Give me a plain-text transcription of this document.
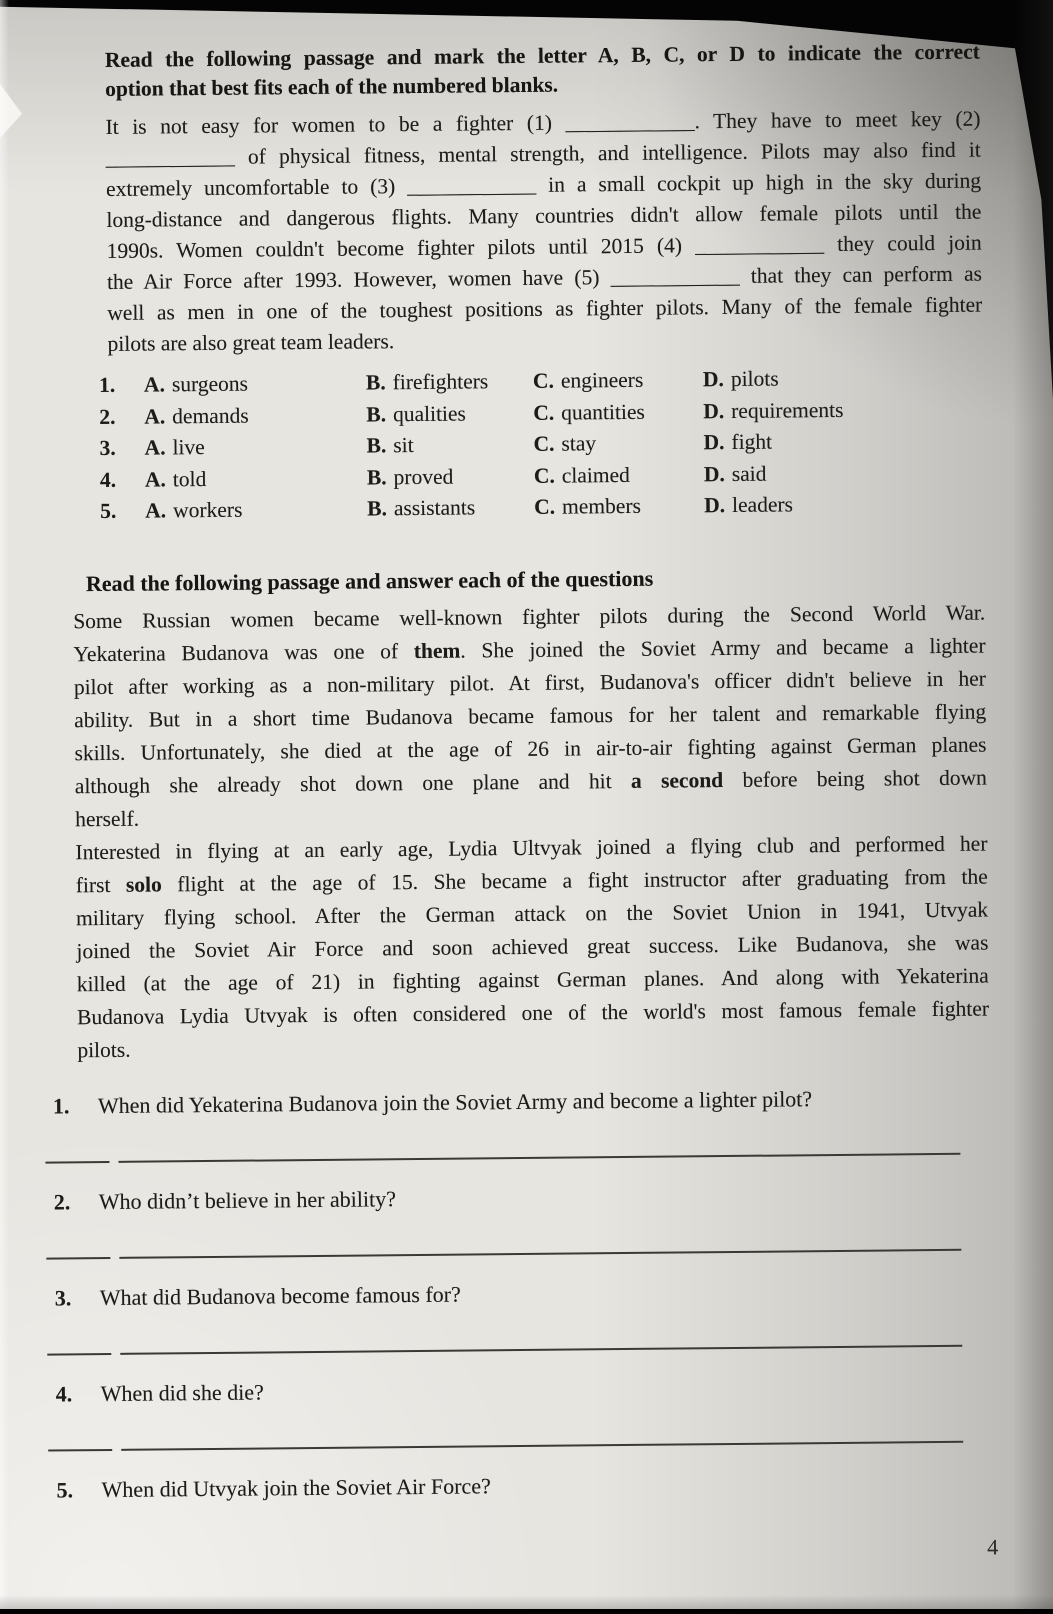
Read the following passage and mark the letter A, B, C, or D to indicate the correct
option that best fits each of the numbered blanks.
It is not easy for women to be a fighter (1) ____________. They have to meet key (2)
____________ of physical fitness, mental strength, and intelligence. Pilots may also find it
extremely uncomfortable to (3) ____________ in a small cockpit up high in the sky during
long-distance and dangerous flights. Many countries didn't allow female pilots until the
1990s. Women couldn't become fighter pilots until 2015 (4) ____________ they could join
the Air Force after 1993. However, women have (5) ____________ that they can perform as
well as men in one of the toughest positions as fighter pilots. Many of the female fighter
pilots are also great team leaders.
1.	A. surgeons	B. firefighters	C. engineers	D. pilots
2.	A. demands	B. qualities	C. quantities	D. requirements
3.	A. live	B. sit	C. stay	D. fight
4.	A. told	B. proved	C. claimed	D. said
5.	A. workers	B. assistants	C. members	D. leaders
Read the following passage and answer each of the questions
Some Russian women became well-known fighter pilots during the Second World War.
Yekaterina Budanova was one of them. She joined the Soviet Army and became a lighter
pilot after working as a non-military pilot. At first, Budanova's officer didn't believe in her
ability. But in a short time Budanova became famous for her talent and remarkable flying
skills. Unfortunately, she died at the age of 26 in air-to-air fighting against German planes
although she already shot down one plane and hit a second before being shot down
herself.
Interested in flying at an early age, Lydia Ultvyak joined a flying club and performed her
first solo flight at the age of 15. She became a fight instructor after graduating from the
military flying school. After the German attack on the Soviet Union in 1941, Utvyak
joined the Soviet Air Force and soon achieved great success. Like Budanova, she was
killed (at the age of 21) in fighting against German planes. And along with Yekaterina
Budanova Lydia Utvyak is often considered one of the world's most famous female fighter
pilots.
1.	When did Yekaterina Budanova join the Soviet Army and become a lighter pilot?
2.	Who didn’t believe in her ability?
3.	What did Budanova become famous for?
4.	When did she die?
5.	When did Utvyak join the Soviet Air Force?
4
